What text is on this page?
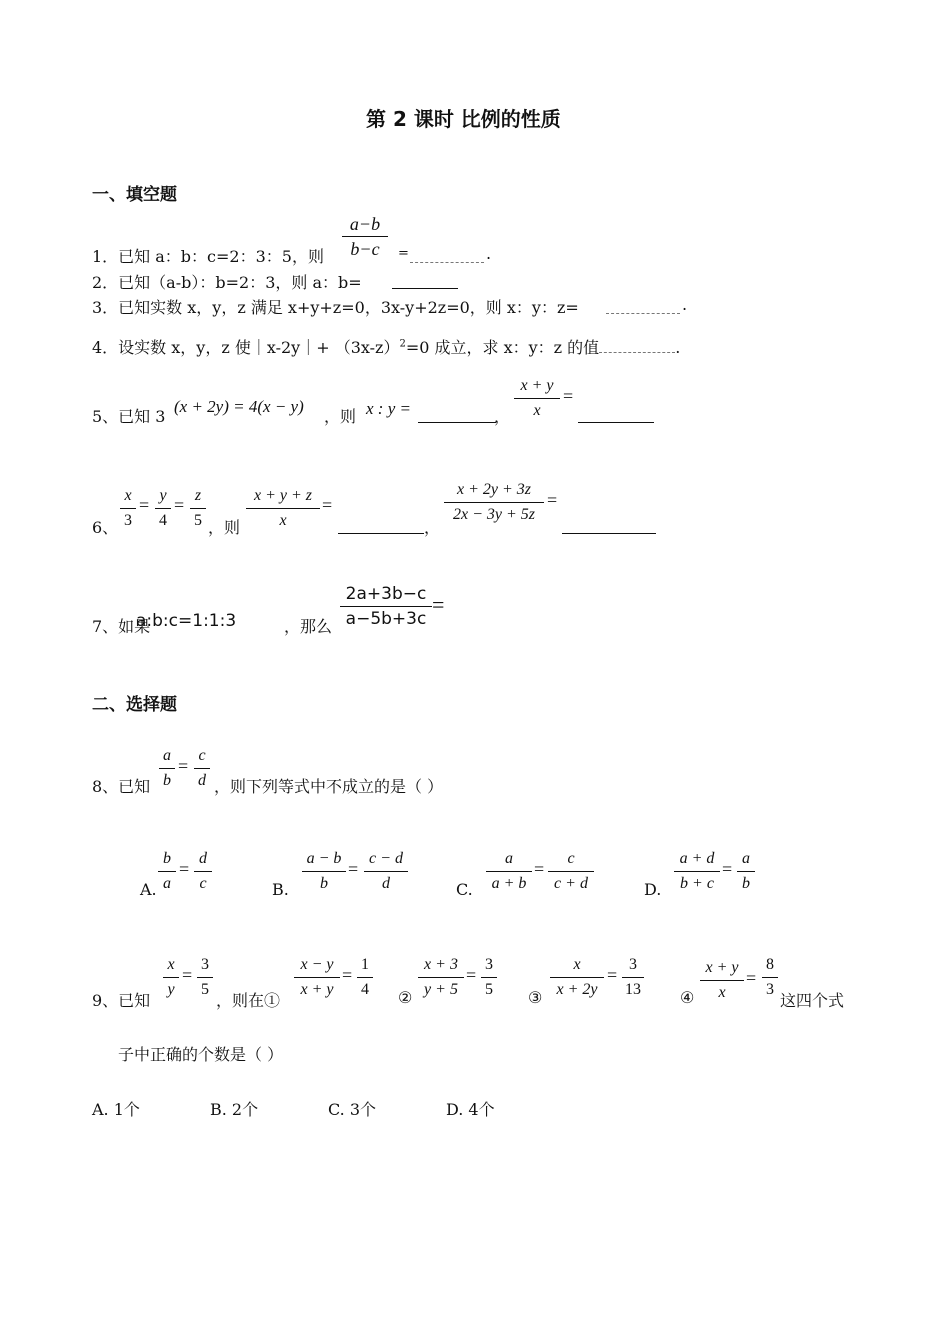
第 2 课时 比例的性质
一、填空题
1．已知 a：b：c=2：3：5，则
a−b
b−c	=	.
2．已知（a-b）：b=2：3，则 a：b=
3．已知实数 x，y，z 满足 x+y+z=0，3x-y+2z=0，则 x：y：z=	.
4．设实数 x，y，z 使｜x-2y｜+ $(3x-z)^2=0$ 成立，求 x：y：z 的值	.
5、已知 3
(x + 2y) = 4(x − y)
，则 x : y =	，
x + y
x
=
6、
x
3
= y
4
= z
5 ，则
x + y + z
x
=
，
x + 2y + 3z
2x − 3y + 5z
=
7、如果
a:b:c=1:1:3	，那么
2a+3b−c
a−5b+3c
=
二、选择题
8、已知
a
b
=
c
d ，则下列等式中不成立的是（ ）
A.
b
a
=
d
c	B.
a − b
b
=
c − d
d	C.
a
a + b
=
c
c + d	D.
a + d
b + c
=
a
b
9、已知
x
y
=
3
5
，则在①
x − y
x + y
=
1
4 ②
x + 3
y + 5
=
3
5 ③
x
x + 2y
=
3
13 ④
x + y
x
=
8
3
这四个式
子中正确的个数是（ ）
A. 1个	B. 2个	C. 3个	D. 4个
